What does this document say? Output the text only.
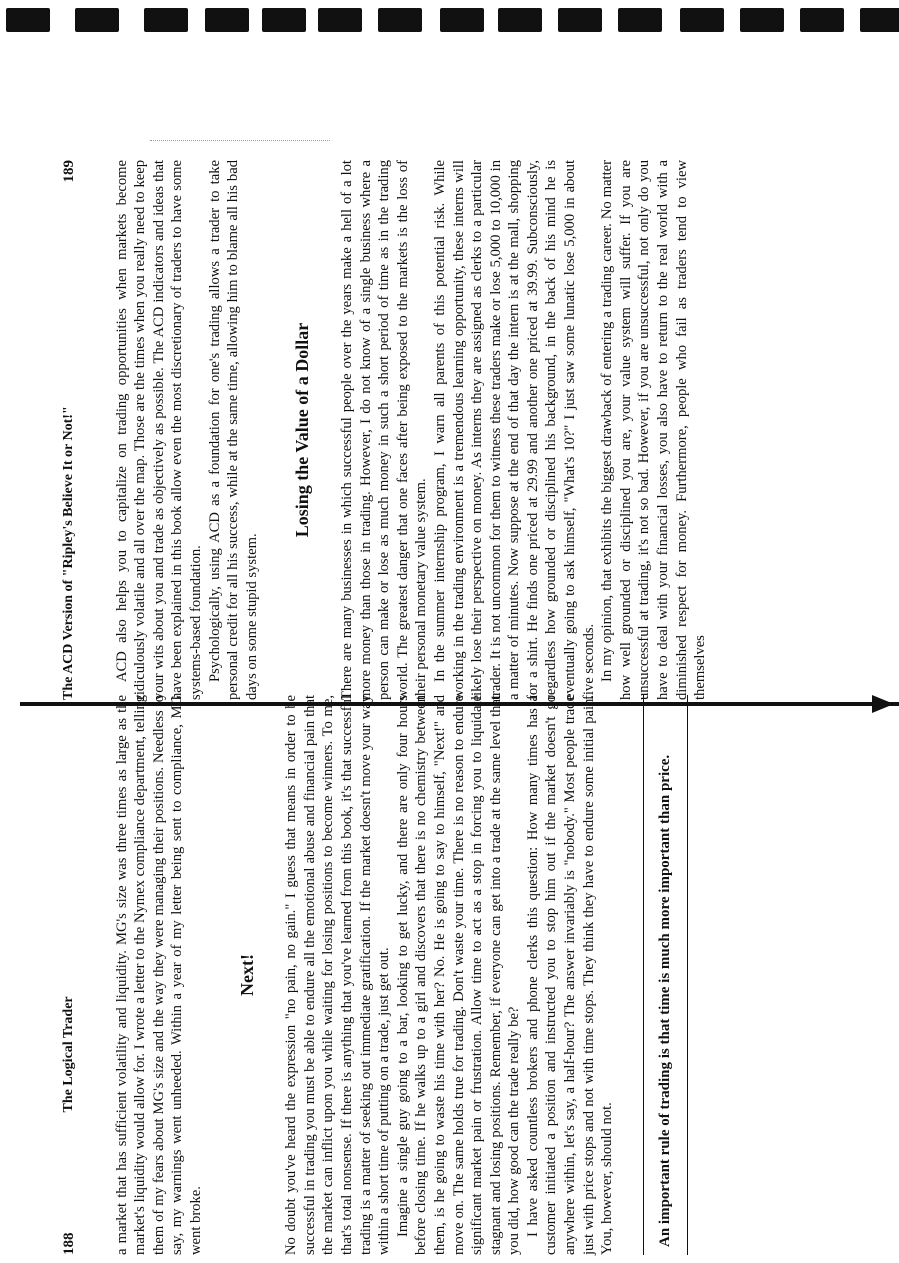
The ACD Version of "Ripley's Believe It or Not!"
189	ACD also helps you to capitalize on trading opportunities when markets become ridiculously volatile and all over the map. Those are the times when you really need to keep your wits about you and trade as objectively as possible. The ACD indicators and ideas that have been explained in this book allow even the most discretionary of traders to have some systems-based foundation. Psychologically, using ACD as a foundation for one's trading allows a trader to take personal credit for all his success, while at the same time, allowing him to blame all his bad days on some stupid system.

Losing the Value of a Dollar There are many businesses in which successful people over the years make a hell of a lot more money than those in trading. However, I do not know of a single business where a person can make or lose as much money in such a short period of time as in the trading world. The greatest danger that one faces after being exposed to the markets is the loss of their personal monetary value system. In the summer internship program, I warn all parents of this potential risk. While working in the trading environment is a tremendous learning opportunity, these interns will likely lose their perspective on money. As interns they are assigned as clerks to a particular trader. It is not uncommon for them to witness these traders make or lose 5,000 to 10,000 in a matter of minutes. Now suppose at the end of that day the intern is at the mall, shopping for a shirt. He finds one priced at 29.99 and another one priced at 39.99. Subconsciously, regardless how grounded or disciplined his background, in the back of his mind he is eventually going to ask himself, "What's 10?" I just saw some lunatic lose 5,000 in about five seconds. In my opinion, that exhibits the biggest drawback of entering a trading career. No matter how well grounded or disciplined you are, your value system will suffer. If you are unsuccessful at trading, it's not so bad. However, if you are unsuccessful, not only do you have to deal with your financial losses, you also have to return to the real world with a diminished respect for money. Furthermore, people who fail as traders tend to view themselves

188
The Logical Trader	a market that has sufficient volatility and liquidity. MG's size was three times as large as the market's liquidity would allow for. I wrote a letter to the Nymex compliance department, telling them of my fears about MG's size and the way they were managing their positions. Needless to say, my warnings went unheeded. Within a year of my letter being sent to compliance, MG went broke.

Next! No doubt you've heard the expression "no pain, no gain." I guess that means in order to be successful in trading you must be able to endure all the emotional abuse and financial pain that the market can inflict upon you while waiting for losing positions to become winners. To me, that's total nonsense. If there is anything that you've learned from this book, it's that successful trading is a matter of seeking out immediate gratification. If the market doesn't move your way within a short time of putting on a trade, just get out. Imagine a single guy going to a bar, looking to get lucky, and there are only four hours before closing time. If he walks up to a girl and discovers that there is no chemistry between them, is he going to waste his time with her? No. He is going to say to himself, "Next!" and move on. The same holds true for trading. Don't waste your time. There is no reason to endure significant market pain or frustration. Allow time to act as a stop in forcing you to liquidate stagnant and losing positions. Remember, if everyone can get into a trade at the same level that you did, how good can the trade really be? I have asked countless brokers and phone clerks this question: How many times has a customer initiated a position and instructed you to stop him out if the market doesn't go anywhere within, let's say, a half-hour? The answer invariably is "nobody." Most people trade just with price stops and not with time stops. They think they have to endure some initial pain. You, however, should not.	An important rule of trading is that time is much more important than price.
